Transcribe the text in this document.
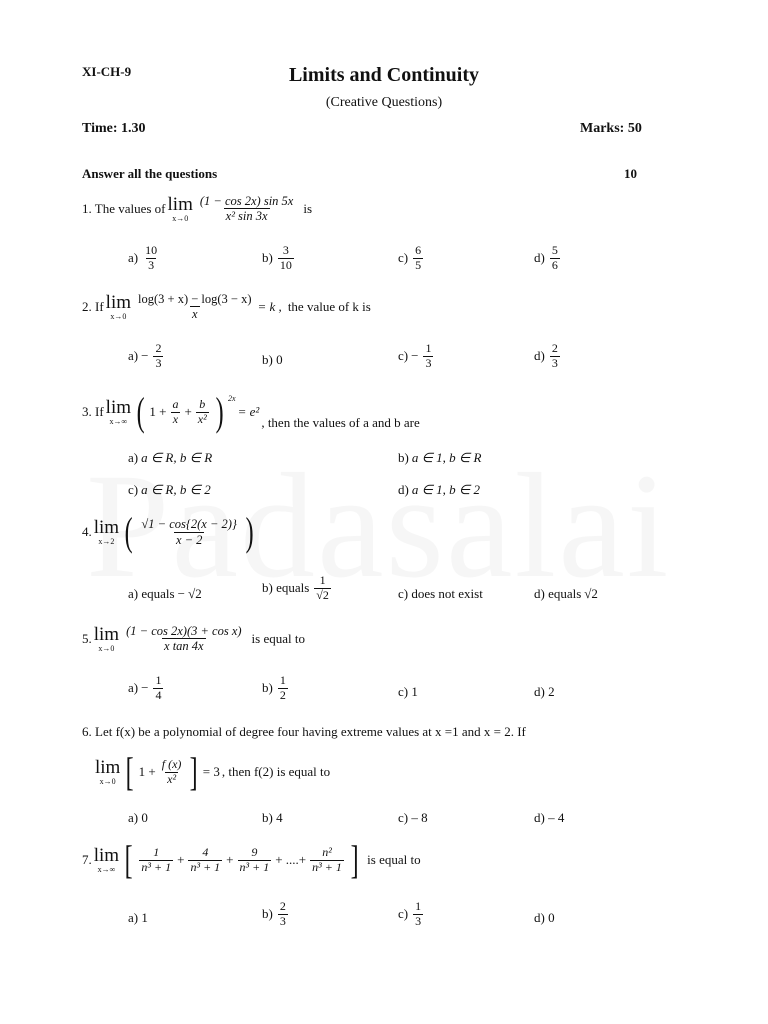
XI-CH-9	Limits and Continuity
(Creative Questions)
Time: 1.30	Marks: 50
Answer all the questions	10
1. The values of lim
$x\to 0 \frac{(1 - \cos 2x) \sin 5x}{\text{x² sin 3x}}$ is
$a) \frac{10}{3}$	$b) \frac{3}{10}$	$c) \frac{6}{5}$	$d) \frac{5}{6}$
2. If lim
$x\to 0 \frac{\log(3 + x) - \log(3 - x)}{x} = k$ , the value of k is
$a) - \frac{2}{3}$	b) 0	$c) - \frac{1}{3}$	$d) \frac{2}{3}$
3. If lim
x→∞ ( $1 + \frac{a}{x} + \frac{b}{\text{x²}}$ ) 2x
= e²
, then the values of a and b are
a) a ∈ R, b ∈ R	b) a ∈ 1, b ∈ R
c) a ∈ R, b ∈ 2	d) a ∈ 1, b ∈ 2
4. lim
x→2 ( $\frac{√1 - \cos\{2(x - 2)\}}{x - 2}$ )
a) equals − √2	b) equals $\frac{1}{√2}$	c) does not exist	d) equals √2
5. lim
$x\to 0 \frac{\text{(1 − cos 2x)(3 + cos x)}}{\text{x tan 4x}}$ is equal to
$a) - \frac{1}{4}$	$b) \frac{1}{2}$	c) 1	d) 2
6. Let f(x) be a polynomial of degree four having extreme values at x =1 and x = 2. If
lim
x→0 [ $1 + \frac{f (x)}{\text{x²}}$ ] = 3 , then f(2) is equal to
a) 0	b) 4	c) – 8	d) – 4
7. lim
x→∞ [ $\frac{1}{\text{n³ + 1}} + \frac{4}{\text{n³ + 1}} + \frac{9}{\text{n³ + 1}}$ + ....+ $\frac{\text{n²}}{\text{n³ + 1}}$ ] is equal to
a) 1	$b) \frac{2}{3}$	$c) \frac{1}{3}$	d) 0
